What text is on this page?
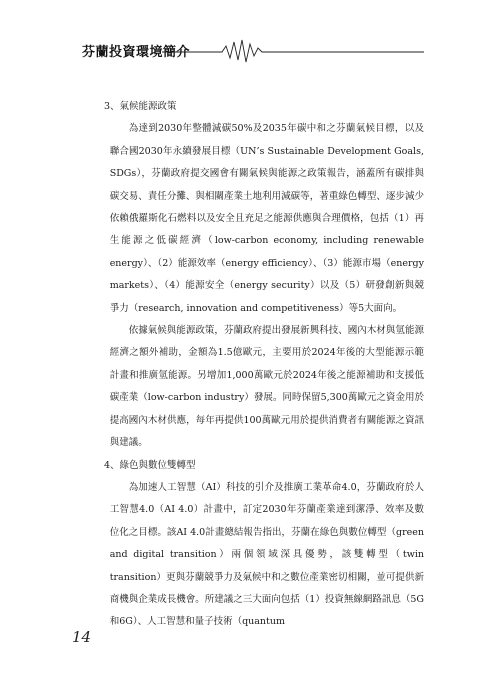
芬蘭投資環境簡介

3、氣候能源政策

為達到2030年整體減碳50%及2035年碳中和之芬蘭氣候目標，以及聯合國2030年永續發展目標（UN’s Sustainable Development Goals, SDGs），芬蘭政府提交國會有關氣候與能源之政策報告，涵蓋所有碳排與碳交易、責任分攤、與相關產業土地利用減碳等，著重綠色轉型、逐步減少依賴俄羅斯化石燃料以及安全且充足之能源供應與合理價格，包括（1）再生能源之低碳經濟（low-carbon economy, including renewable energy）、（2）能源效率（energy efficiency）、（3）能源市場（energy markets）、（4）能源安全（energy security）以及（5）研發創新與競爭力（research, innovation and competitiveness）等5大面向。

依據氣候與能源政策，芬蘭政府提出發展新興科技、國內木材與氫能源經濟之額外補助，金額為1.5億歐元，主要用於2024年後的大型能源示範計畫和推廣氫能源。另增加1,000萬歐元於2024年後之能源補助和支援低碳產業（low-carbon industry）發展。同時保留5,300萬歐元之資金用於提高國內木材供應，每年再提供100萬歐元用於提供消費者有關能源之資訊與建議。

4、綠色與數位雙轉型

為加速人工智慧（AI）科技的引介及推廣工業革命4.0，芬蘭政府於人工智慧4.0（AI 4.0）計畫中，訂定2030年芬蘭產業達到潔淨、效率及數位化之目標。該AI 4.0計畫總結報告指出，芬蘭在綠色與數位轉型（green and digital transition）兩個領域深具優勢，該雙轉型（twin transition）更與芬蘭競爭力及氣候中和之數位產業密切相關，並可提供新商機與企業成長機會。所建議之三大面向包括（1）投資無線網路訊息（5G和6G）、人工智慧和量子技術（quantum

14
